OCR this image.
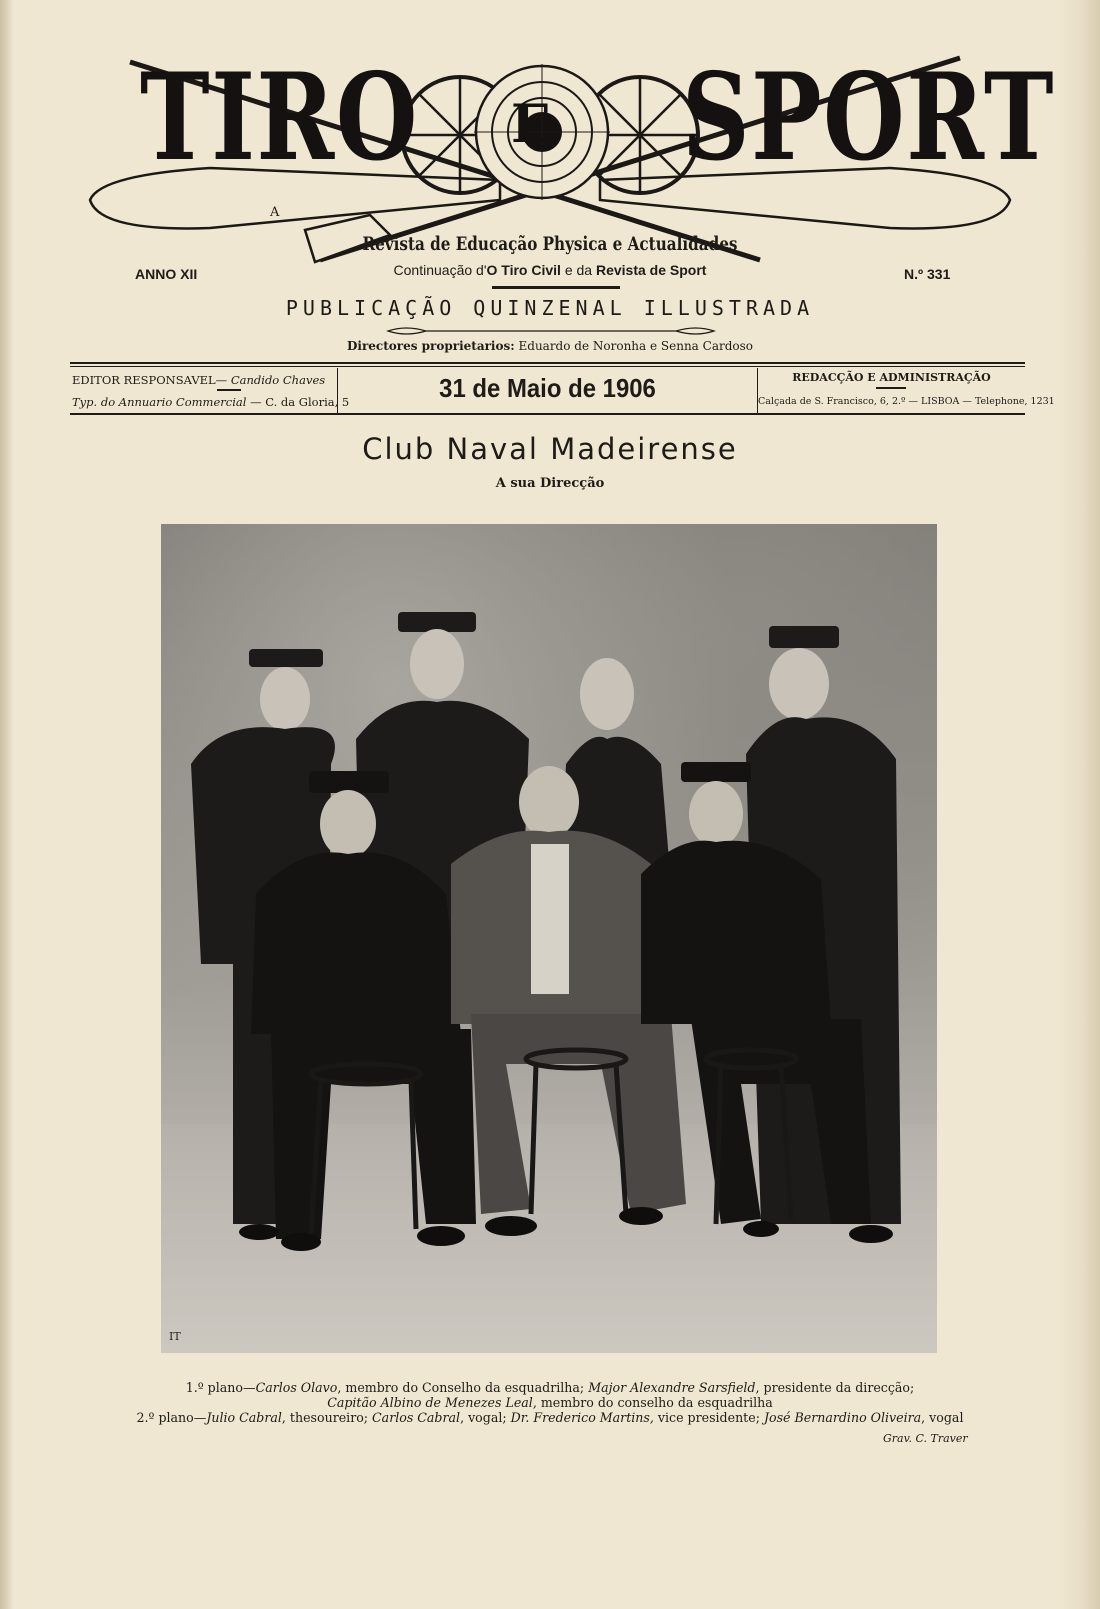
TIRO E SPORT
A
Revista de Educação Physica e Actualidades
Continuação d'O Tiro Civil e da Revista de Sport
ANNO XII	N.º 331
PUBLICAÇÃO QUINZENAL ILLUSTRADA
Directores proprietarios: Eduardo de Noronha e Senna Cardoso
EDITOR RESPONSAVEL— Candido Chaves
Typ. do Annuario Commercial — C. da Gloria, 5	31 de Maio de 1906	REDACÇÃO E ADMINISTRAÇÃO
Calçada de S. Francisco, 6, 2.º — LISBOA — Telephone, 1231
Club Naval Madeirense
A sua Direcção
IT
1.º plano—Carlos Olavo, membro do Conselho da esquadrilha; Major Alexandre Sarsfield, presidente da direcção;
Capitão Albino de Menezes Leal, membro do conselho da esquadrilha
2.º plano—Julio Cabral, thesoureiro; Carlos Cabral, vogal; Dr. Frederico Martins, vice presidente; José Bernardino Oliveira, vogal
Grav. C. Traver
